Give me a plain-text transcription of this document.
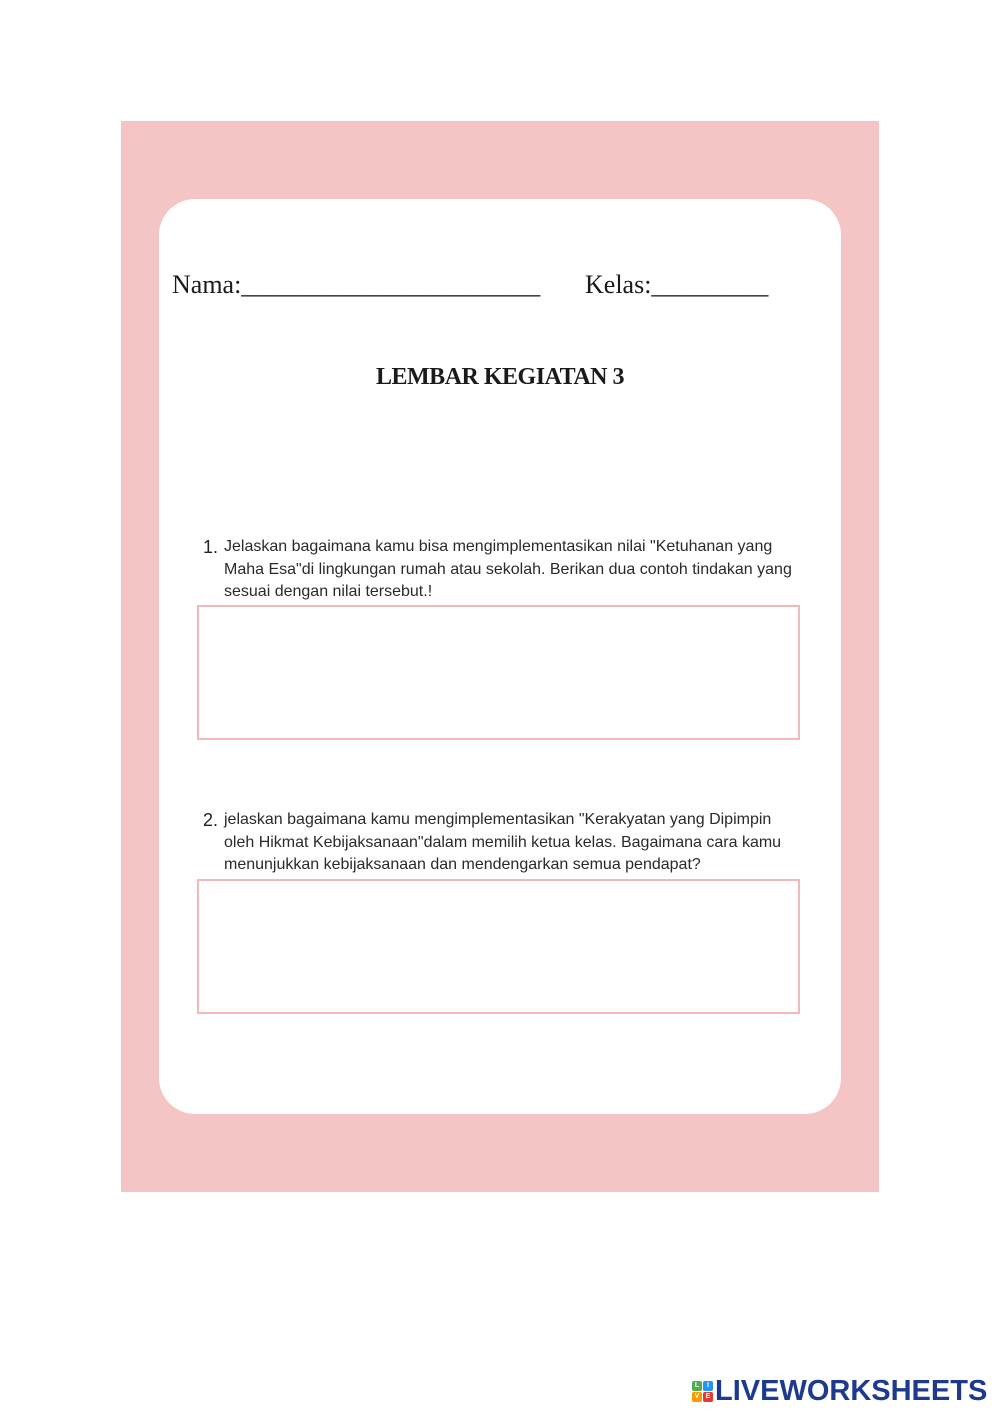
Nama:_______________________ Kelas:_________
LEMBAR KEGIATAN 3
1. Jelaskan bagaimana kamu bisa mengimplementasikan nilai "Ketuhanan yang Maha Esa"di lingkungan rumah atau sekolah. Berikan dua contoh tindakan yang sesuai dengan nilai tersebut.!
2. jelaskan bagaimana kamu mengimplementasikan "Kerakyatan yang Dipimpin oleh Hikmat Kebijaksanaan"dalam memilih ketua kelas. Bagaimana cara kamu menunjukkan kebijaksanaan dan mendengarkan semua pendapat?
L	I
V E LIVEWORKSHEETS
